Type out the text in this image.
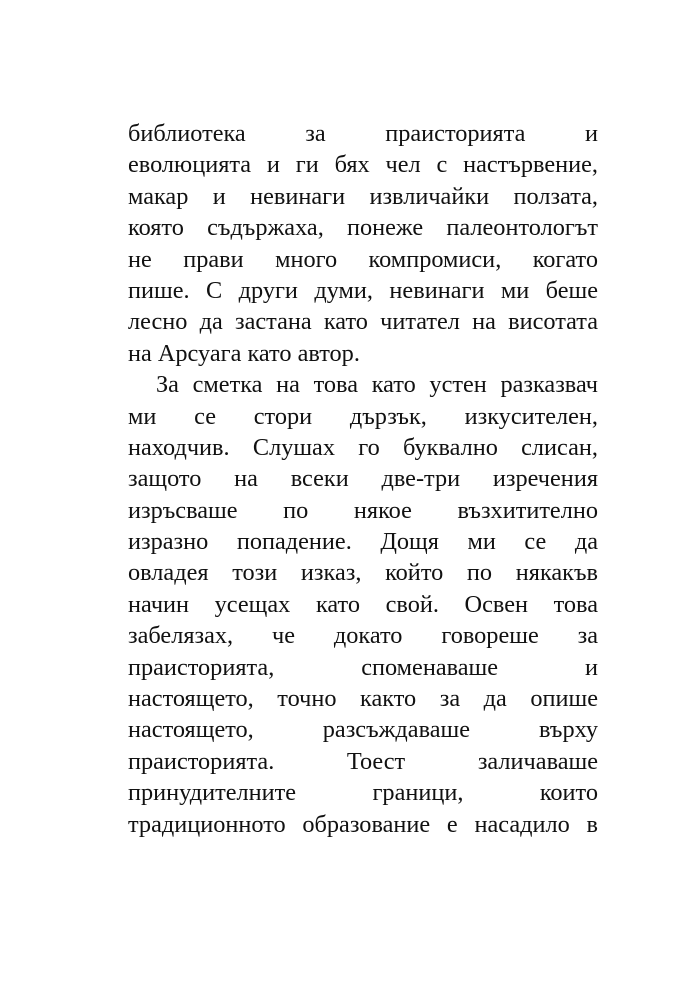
библиотека за праисторията и
еволюцията и ги бях чел с настървение,
макар и невинаги извличайки ползата,
която съдържаха, понеже палеонтологът
не прави много компромиси, когато
пише. С други думи, невинаги ми беше
лесно да застана като читател на висотата
на Арсуага като автор.
За сметка на това като устен разказвач
ми се стори дързък, изкусителен,
находчив. Слушах го буквално слисан,
защото на всеки две-три изречения
изръсваше по някое възхитително
изразно попадение. Дощя ми се да
овладея този изказ, който по някакъв
начин усещах като свой. Освен това
забелязах, че докато говореше за
праисторията, споменаваше и
настоящето, точно както за да опише
настоящето, разсъждаваше върху
праисторията. Тоест заличаваше
принудителните граници, които
традиционното образование е насадило в
